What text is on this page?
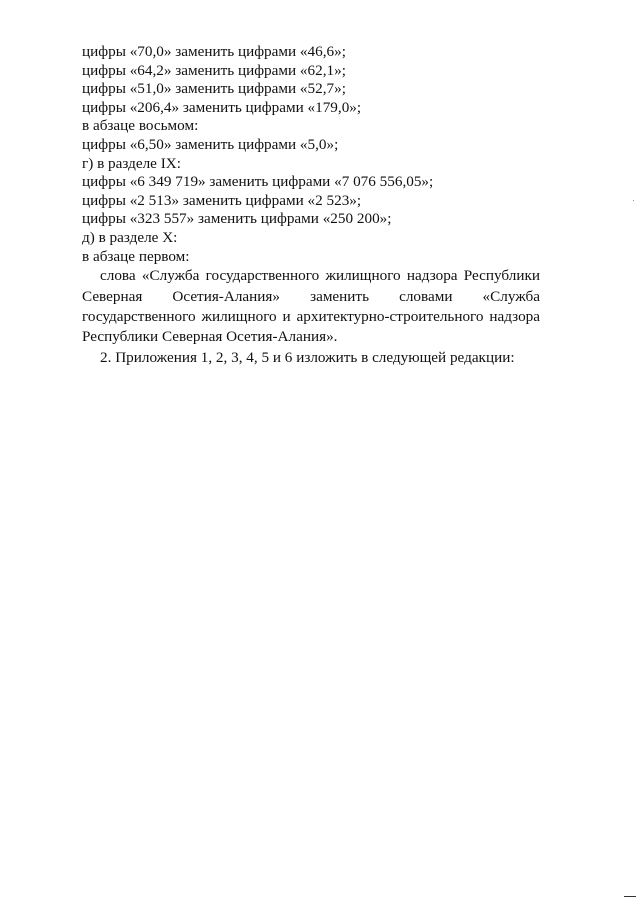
цифры «70,0» заменить цифрами «46,6»;

цифры «64,2» заменить цифрами «62,1»;

цифры «51,0» заменить цифрами «52,7»;

цифры «206,4» заменить цифрами «179,0»;

в абзаце восьмом:

цифры «6,50» заменить цифрами «5,0»;

г) в разделе IX:

цифры «6 349 719» заменить цифрами «7 076 556,05»;

цифры «2 513» заменить цифрами «2 523»;

цифры «323 557» заменить цифрами «250 200»;

д) в разделе X:

в абзаце первом:

слова «Служба государственного жилищного надзора Республики Северная Осетия-Алания» заменить словами «Служба государственного жилищного и архитектурно-строительного надзора Республики Северная Осетия-Алания».

2. Приложения 1, 2, 3, 4, 5 и 6 изложить в следующей редакции:
